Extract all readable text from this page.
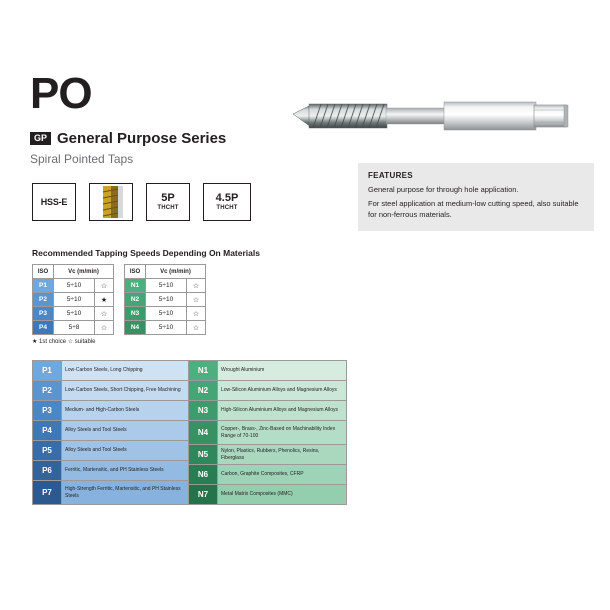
PO
GP General Purpose Series
Spiral Pointed Taps
FEATURES

General purpose for through hole application.

For steel application at medium-low cutting speed, also suitable for non-ferrous materials.

HSS-E	5P
THCHT
4.5P
THCHT
Recommended Tapping Speeds Depending On Materials
ISO	Vc (m/min)			ISO	Vc (m/min)	
P1	5÷10	☆		N1	5÷10	☆
P2	5÷10	★		N2	5÷10	☆
P3	5÷10	☆		N3	5÷10	☆
P4	5÷8	☆		N4	5÷10	☆
★ 1st choice ☆ suitable
P1	Low-Carbon Steels, Long Chipping
P2	Low-Carbon Steels, Short Chipping, Free Machining
P3	Medium- and High-Carbon Steels
P4	Alloy Steels and Tool Steels
P5	Alloy Steels and Tool Steels
P6	Ferritic, Martensitic, and PH Stainless Steels
P7	High-Strength Ferritic, Martensitic, and PH Stainless Steels
N1	Wrought Aluminium
N2	Low-Silicon Aluminium Alloys and Magnesium Alloys
N3	High-Silicon Aluminium Alloys and Magnesium Alloys
N4	Copper-, Brass-, Zinc-Based on Machinability Index Range of 70-100
N5	Nylon, Plastics, Rubbers, Phenolics, Resins, Fiberglass
N6	Carbon, Graphite Composites, CFRP
N7	Metal Matrix Composites (MMC)
